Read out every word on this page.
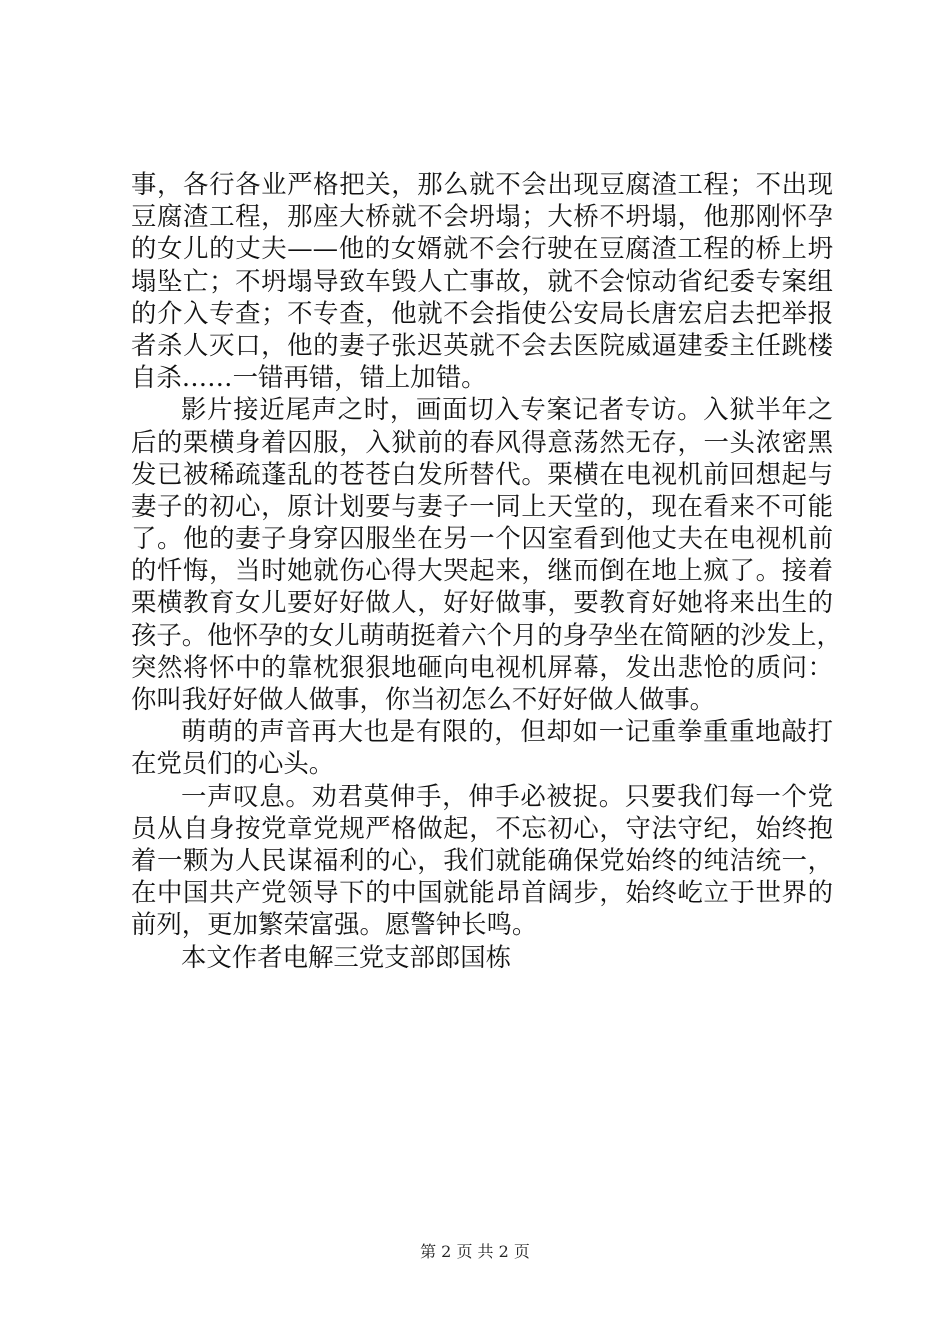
事，各行各业严格把关，那么就不会出现豆腐渣工程；不出现
豆腐渣工程，那座大桥就不会坍塌；大桥不坍塌，他那刚怀孕
的女儿的丈夫——他的女婿就不会行驶在豆腐渣工程的桥上坍
塌坠亡；不坍塌导致车毁人亡事故，就不会惊动省纪委专案组
的介入专查；不专查，他就不会指使公安局长唐宏启去把举报
者杀人灭口，他的妻子张迟英就不会去医院威逼建委主任跳楼
自杀……一错再错，错上加错。
影片接近尾声之时，画面切入专案记者专访。入狱半年之
后的栗横身着囚服，入狱前的春风得意荡然无存，一头浓密黑
发已被稀疏蓬乱的苍苍白发所替代。栗横在电视机前回想起与
妻子的初心，原计划要与妻子一同上天堂的，现在看来不可能
了。他的妻子身穿囚服坐在另一个囚室看到他丈夫在电视机前
的忏悔，当时她就伤心得大哭起来，继而倒在地上疯了。接着
栗横教育女儿要好好做人，好好做事，要教育好她将来出生的
孩子。他怀孕的女儿萌萌挺着六个月的身孕坐在简陋的沙发上，
突然将怀中的靠枕狠狠地砸向电视机屏幕，发出悲怆的质问：
你叫我好好做人做事，你当初怎么不好好做人做事。
萌萌的声音再大也是有限的，但却如一记重拳重重地敲打
在党员们的心头。
一声叹息。劝君莫伸手，伸手必被捉。只要我们每一个党
员从自身按党章党规严格做起，不忘初心，守法守纪，始终抱
着一颗为人民谋福利的心，我们就能确保党始终的纯洁统一，
在中国共产党领导下的中国就能昂首阔步，始终屹立于世界的
前列，更加繁荣富强。愿警钟长鸣。
本文作者电解三党支部郎国栋
第 2 页 共 2 页
